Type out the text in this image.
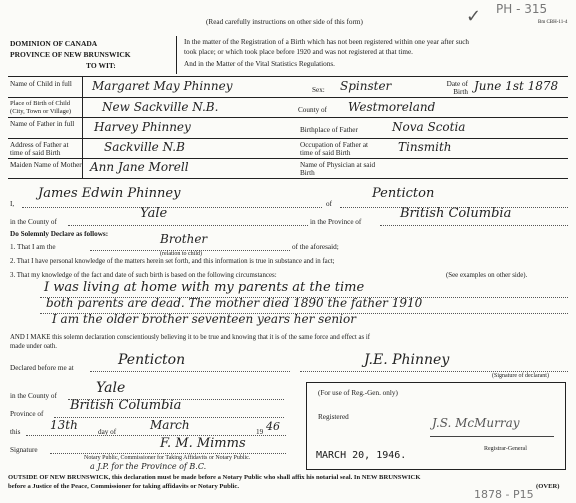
PH - 315
✓	Bm CBH-11-4
(Read carefully instructions on other side of this form)
DOMINION OF CANADA
PROVINCE OF NEW BRUNSWICK
TO WIT:
In the matter of the Registration of a Birth which has not been registered within one year after such
took place; or which took place before 1920 and was not registered at that time.
And in the Matter of the Vital Statistics Regulations.
Name of Child in full	Margaret May Phinney	Sex: Spinster	Date of Birth June 1st 1878
Place of Birth of Child (City, Town or Village)	New Sackville N.B.	County of Westmoreland
Name of Father in full	Harvey Phinney	Birthplace of Father	Nova Scotia
Address of Father at time of said Birth	Sackville N.B	Occupation of Father at time of said Birth	Tinsmith
Maiden Name of Mother Ann Jane Morell	Name of Physician at said Birth
I,
James Edwin Phinney
of
Penticton
in the County of
Yale
in the Province of
British Columbia
Do Solemnly Declare as follows:
1. That I am the
Brother
(relation to child)
of the aforesaid;
2. That I have personal knowledge of the matters herein set forth, and this information is true in substance and in fact;
3. That my knowledge of the fact and date of such birth is based on the following circumstances:	(See examples on other side).
I was living at home with my parents at the time
both parents are dead. The mother died 1890 the father 1910
I am the older brother seventeen years her senior
AND I MAKE this solemn declaration conscientiously believing it to be true and knowing that it is of the same force and effect as if
made under oath.
Declared before me at	Penticton	J.E. Phinney
(Signature of declarant)
in the County of	Yale
Province of
British Columbia
this 13th	day of	March	19 46
Signature	F. M. Mimms
Notary Public, Commissioner for Taking Affidavits or Notary Public.
a J.P. for the Province of B.C.
(For use of Reg.-Gen. only)
Registered	J.S. McMurray
Registrar-General
MARCH 20, 1946.
OUTSIDE OF NEW BRUNSWICK, this declaration must be made before a Notary Public who shall affix his notarial seal. In NEW BRUNSWICK
before a Justice of the Peace, Commissioner for taking affidavits or Notary Public.	(OVER)
1878 - P15
